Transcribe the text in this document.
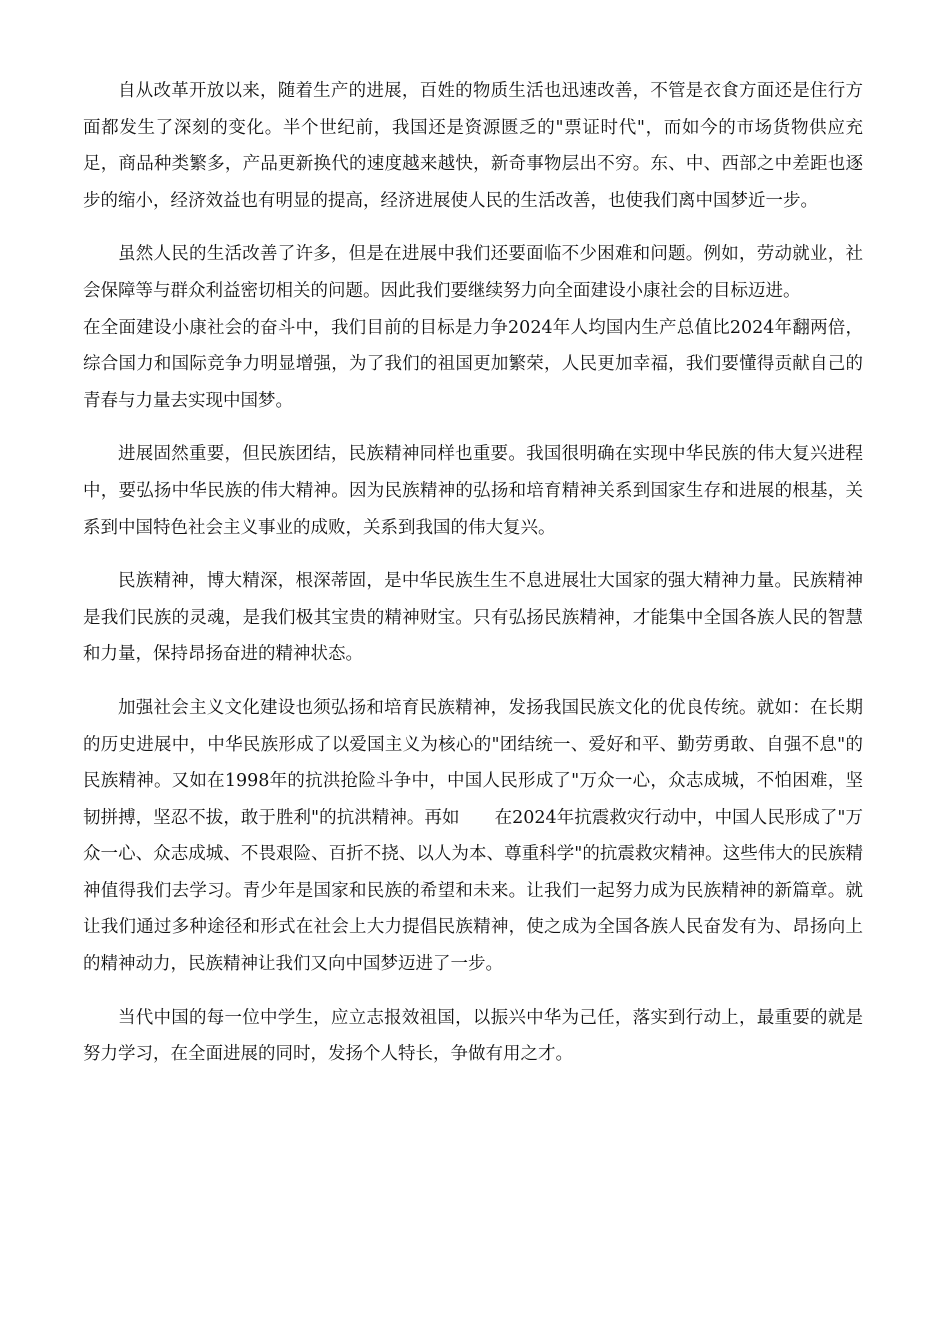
自从改革开放以来，随着生产的进展，百姓的物质生活也迅速改善，不管是衣食方面还是住行方面都发生了深刻的变化。半个世纪前，我国还是资源匮乏的"票证时代"，而如今的市场货物供应充足，商品种类繁多，产品更新换代的速度越来越快，新奇事物层出不穷。东、中、西部之中差距也逐步的缩小，经济效益也有明显的提高，经济进展使人民的生活改善，也使我们离中国梦近一步。

虽然人民的生活改善了许多，但是在进展中我们还要面临不少困难和问题。例如，劳动就业，社会保障等与群众利益密切相关的问题。因此我们要继续努力向全面建设小康社会的目标迈进。

在全面建设小康社会的奋斗中，我们目前的目标是力争2024年人均国内生产总值比2024年翻两倍，综合国力和国际竞争力明显增强，为了我们的祖国更加繁荣，人民更加幸福，我们要懂得贡献自己的青春与力量去实现中国梦。

进展固然重要，但民族团结，民族精神同样也重要。我国很明确在实现中华民族的伟大复兴进程中，要弘扬中华民族的伟大精神。因为民族精神的弘扬和培育精神关系到国家生存和进展的根基，关系到中国特色社会主义事业的成败，关系到我国的伟大复兴。

民族精神，博大精深，根深蒂固，是中华民族生生不息进展壮大国家的强大精神力量。民族精神是我们民族的灵魂，是我们极其宝贵的精神财宝。只有弘扬民族精神，才能集中全国各族人民的智慧和力量，保持昂扬奋进的精神状态。

加强社会主义文化建设也须弘扬和培育民族精神，发扬我国民族文化的优良传统。就如：在长期的历史进展中，中华民族形成了以爱国主义为核心的"团结统一、爱好和平、勤劳勇敢、自强不息"的民族精神。又如在1998年的抗洪抢险斗争中，中国人民形成了"万众一心，众志成城，不怕困难，坚韧拼搏，坚忍不拔，敢于胜利"的抗洪精神。再如　　在2024年抗震救灾行动中，中国人民形成了"万众一心、众志成城、不畏艰险、百折不挠、以人为本、尊重科学"的抗震救灾精神。这些伟大的民族精神值得我们去学习。青少年是国家和民族的希望和未来。让我们一起努力成为民族精神的新篇章。就让我们通过多种途径和形式在社会上大力提倡民族精神，使之成为全国各族人民奋发有为、昂扬向上的精神动力，民族精神让我们又向中国梦迈进了一步。

当代中国的每一位中学生，应立志报效祖国，以振兴中华为己任，落实到行动上，最重要的就是努力学习，在全面进展的同时，发扬个人特长，争做有用之才。
